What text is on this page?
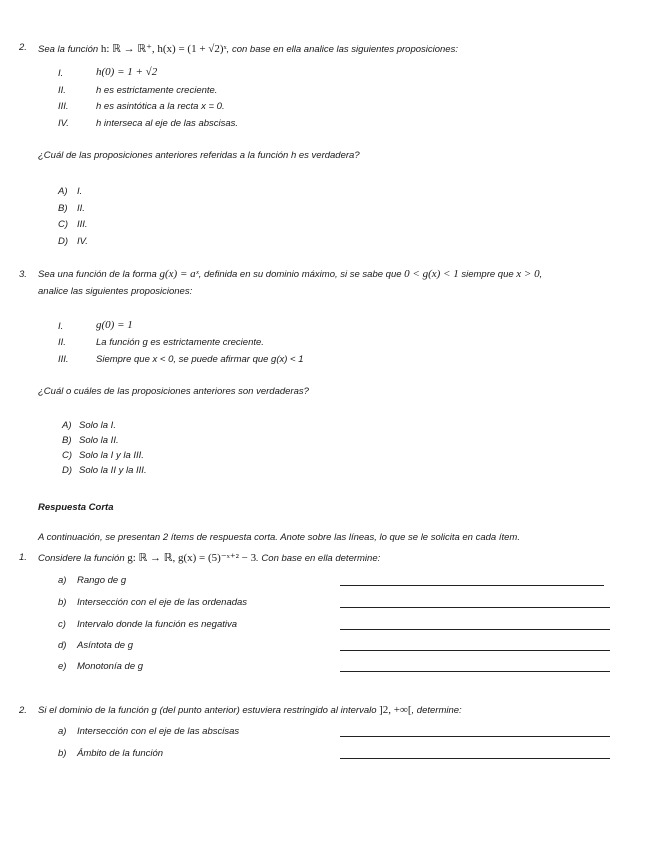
2. Sea la función h: ℝ → ℝ⁺, h(x) = (1 + √2)ˣ, con base en ella analice las siguientes proposiciones:
I.	h(0) = 1 + √2
II.	h es estrictamente creciente.
III.	h es asintótica a la recta x = 0.
IV.	h interseca al eje de las abscisas.
¿Cuál de las proposiciones anteriores referidas a la función h es verdadera?
A) I.
B) II.
C) III.
D) IV.
3. Sea una función de la forma g(x) = aˣ, definida en su dominio máximo, si se sabe que 0 < g(x) < 1 siempre que x > 0,
analice las siguientes proposiciones:
I.	g(0) = 1
II.	La función g es estrictamente creciente.
III.	Siempre que x < 0, se puede afirmar que g(x) < 1
¿Cuál o cuáles de las proposiciones anteriores son verdaderas?
A) Solo la I.
B) Solo la II.
C) Solo la I y la III.
D) Solo la II y la III.
Respuesta Corta
A continuación, se presentan 2 ítems de respuesta corta. Anote sobre las líneas, lo que se le solicita en cada ítem.
1. Considere la función g: ℝ → ℝ, g(x) = (5)⁻ˣ⁺² − 3. Con base en ella determine:
a) Rango de g
b) Intersección con el eje de las ordenadas
c) Intervalo donde la función es negativa
d) Asíntota de g
e) Monotonía de g
2. Si el dominio de la función g (del punto anterior) estuviera restringido al intervalo ]2, +∞[, determine:
a) Intersección con el eje de las abscisas
b) Ámbito de la función
